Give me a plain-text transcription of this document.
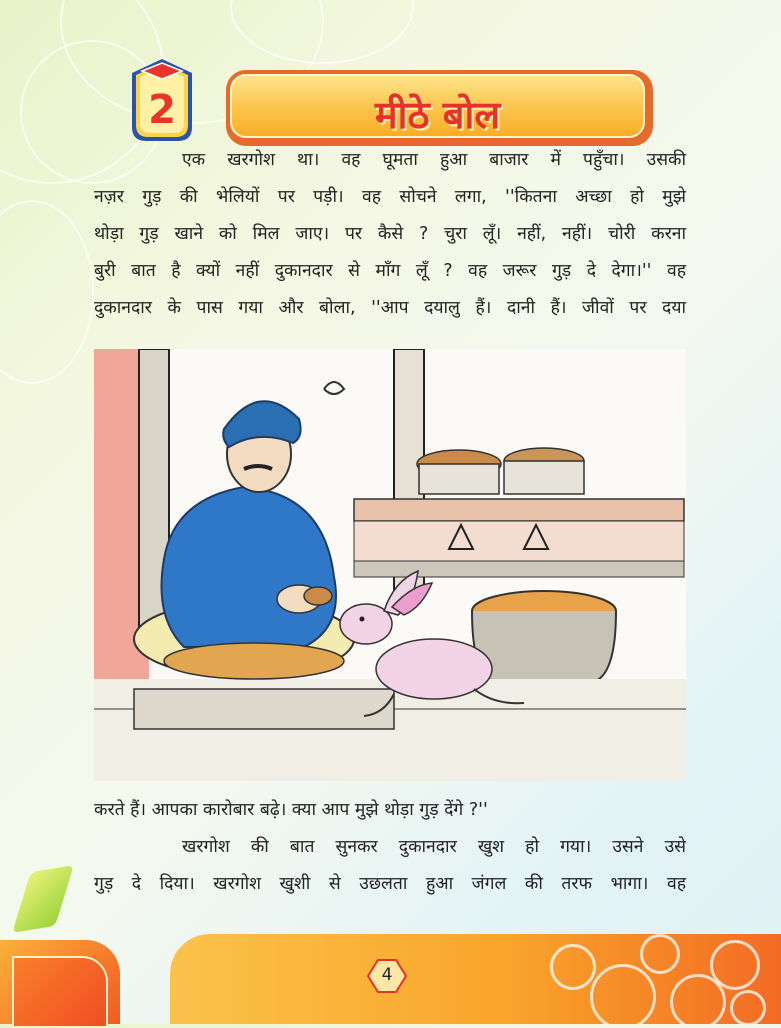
2	मीठे बोल
एक खरगोश था। वह घूमता हुआ बाजार में पहुँचा। उसकी
नज़र गुड़ की भेलियों पर पड़ी। वह सोचने लगा, ''कितना अच्छा हो मुझे
थोड़ा गुड़ खाने को मिल जाए। पर कैसे ? चुरा लूँ। नहीं, नहीं। चोरी करना
बुरी बात है क्यों नहीं दुकानदार से माँग लूँ ? वह जरूर गुड़ दे देगा।'' वह
दुकानदार के पास गया और बोला, ''आप दयालु हैं। दानी हैं। जीवों पर दया
करते हैं। आपका कारोबार बढ़े। क्या आप मुझे थोड़ा गुड़ देंगे ?''
खरगोश की बात सुनकर दुकानदार खुश हो गया। उसने उसे
गुड़ दे दिया। खरगोश खुशी से उछलता हुआ जंगल की तरफ भागा। वह
4
